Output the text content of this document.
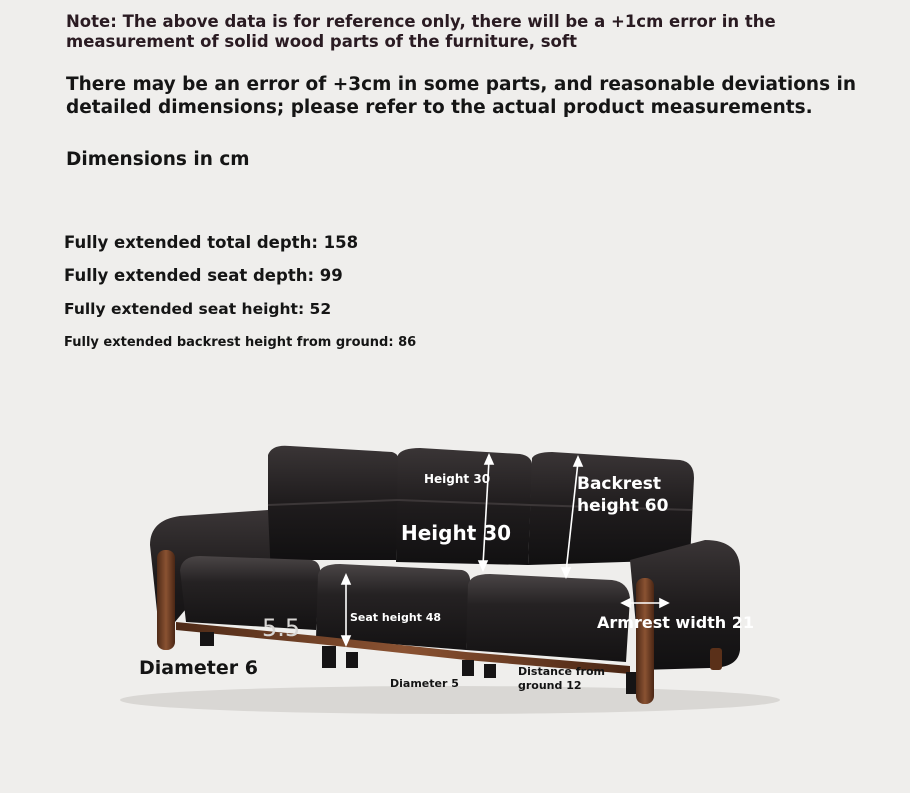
Note: The above data is for reference only, there will be a +1cm error in the measurement of solid wood parts of the furniture, soft
There may be an error of +3cm in some parts, and reasonable deviations in detailed dimensions; please refer to the actual product measurements.
Dimensions in cm
Fully extended total depth: 158
Fully extended seat depth: 99
Fully extended seat height: 52
Fully extended backrest height from ground: 86
Height 30
Height 30
Backrest
height 60
Seat height 48	Armrest width 21
5.5
Diameter 6
Diameter 5
Distance from
ground 12
